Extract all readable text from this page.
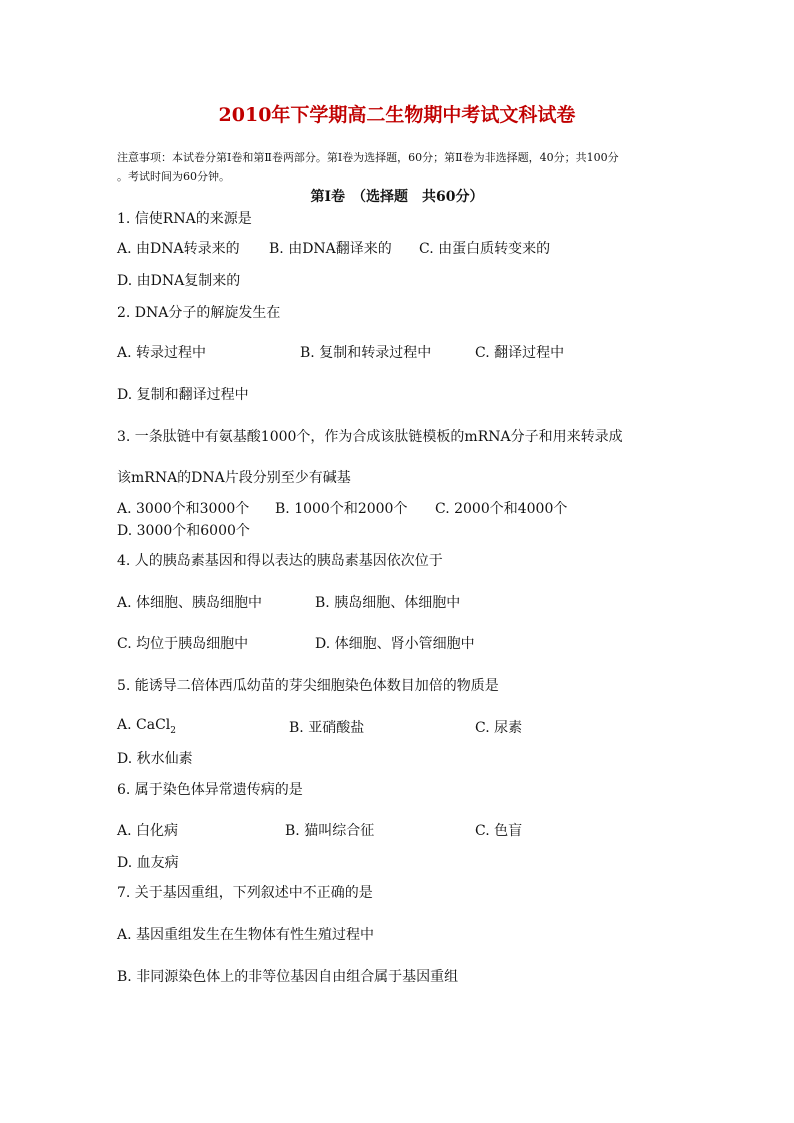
2010年下学期高二生物期中考试文科试卷
注意事项：本试卷分第Ⅰ卷和第Ⅱ卷两部分。第Ⅰ卷为选择题，60分；第Ⅱ卷为非选择题，40分；共100分
。考试时间为60分钟。
第Ⅰ卷　（选择题　共60分）
1. 信使RNA的来源是
A. 由DNA转录来的 B. 由DNA翻译来的 C. 由蛋白质转变来的
D. 由DNA复制来的
2. DNA分子的解旋发生在
A. 转录过程中	B. 复制和转录过程中	C. 翻译过程中
D. 复制和翻译过程中
3. 一条肽链中有氨基酸1000个，作为合成该肽链模板的mRNA分子和用来转录成
该mRNA的DNA片段分别至少有碱基
A. 3000个和3000个 B. 1000个和2000个 C. 2000个和4000个
D. 3000个和6000个
4. 人的胰岛素基因和得以表达的胰岛素基因依次位于
A. 体细胞、胰岛细胞中	B. 胰岛细胞、体细胞中
C. 均位于胰岛细胞中	D. 体细胞、肾小管细胞中
5. 能诱导二倍体西瓜幼苗的芽尖细胞染色体数目加倍的物质是
A. CaCl$_2$	B. 亚硝酸盐	C. 尿素
D. 秋水仙素
6. 属于染色体异常遗传病的是
A. 白化病	B. 猫叫综合征	C. 色盲
D. 血友病
7. 关于基因重组，下列叙述中不正确的是
A. 基因重组发生在生物体有性生殖过程中
B. 非同源染色体上的非等位基因自由组合属于基因重组
